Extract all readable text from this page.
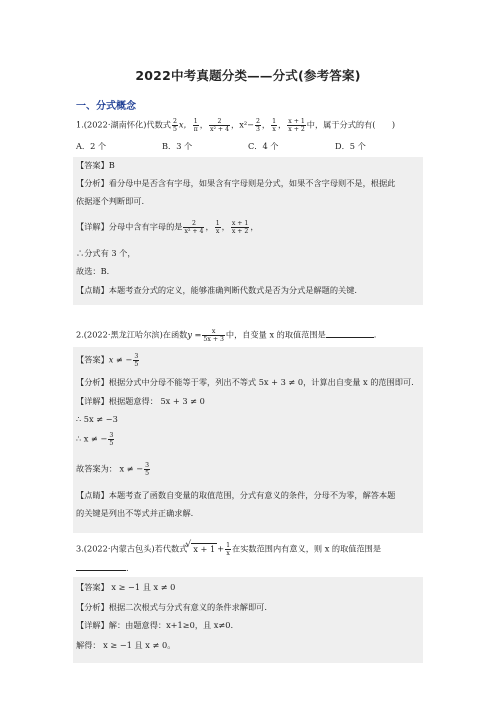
2022中考真题分类——分式(参考答案)
一、分式概念
1.(2022·湖南怀化)代数式 $\frac{2}{5}$ x， $\frac{1}{\pi}$ ， $\frac{2}{\text{x² + 4}}$ ，$x^2- \frac{2}{3}$ ， $\frac{1}{x}$ ， $\frac{x + 1}{x + 2}$ 中，属于分式的有(　　)
A．2 个	B．3 个	C．4 个	D．5 个
【答案】B
【分析】看分母中是否含有字母，如果含有字母则是分式，如果不含字母则不是，根据此
依据逐个判断即可.
【详解】分母中含有字母的是 $\frac{2}{\text{x² + 4}}$ ， $\frac{1}{x}$ ， $\frac{x + 1}{x + 2}$ ，
∴分式有 3 个，
故选：B．
【点睛】本题考查分式的定义，能够准确判断代数式是否为分式是解题的关键.
2.(2022·黑龙江哈尔滨)在函数$y = \frac{x}{5x + 3}$ 中，自变量 x 的取值范围是	.
【答案】x ≠ − $\frac{3}{5}$
【分析】根据分式中分母不能等于零，列出不等式 5x + 3 ≠ 0，计算出自变量 x 的范围即可.
【详解】根据题意得： 5x + 3 ≠ 0
∴ 5x ≠ −3
∴ x ≠ − $\frac{3}{5}$
故答案为： x ≠ − $\frac{3}{5}$
【点睛】本题考查了函数自变量的取值范围，分式有意义的条件，分母不为零，解答本题
的关键是列出不等式并正确求解.
3.(2022·内蒙古包头)若代数式√ $x + 1 + \frac{1}{x}$ 在实数范围内有意义，则 x 的取值范围是
.
【答案】 x ≥ −1 且 x ≠ 0
【分析】根据二次根式与分式有意义的条件求解即可.
【详解】解：由题意得：x+1≥0，且 x≠0.
解得： x ≥ −1 且 x ≠ 0。
